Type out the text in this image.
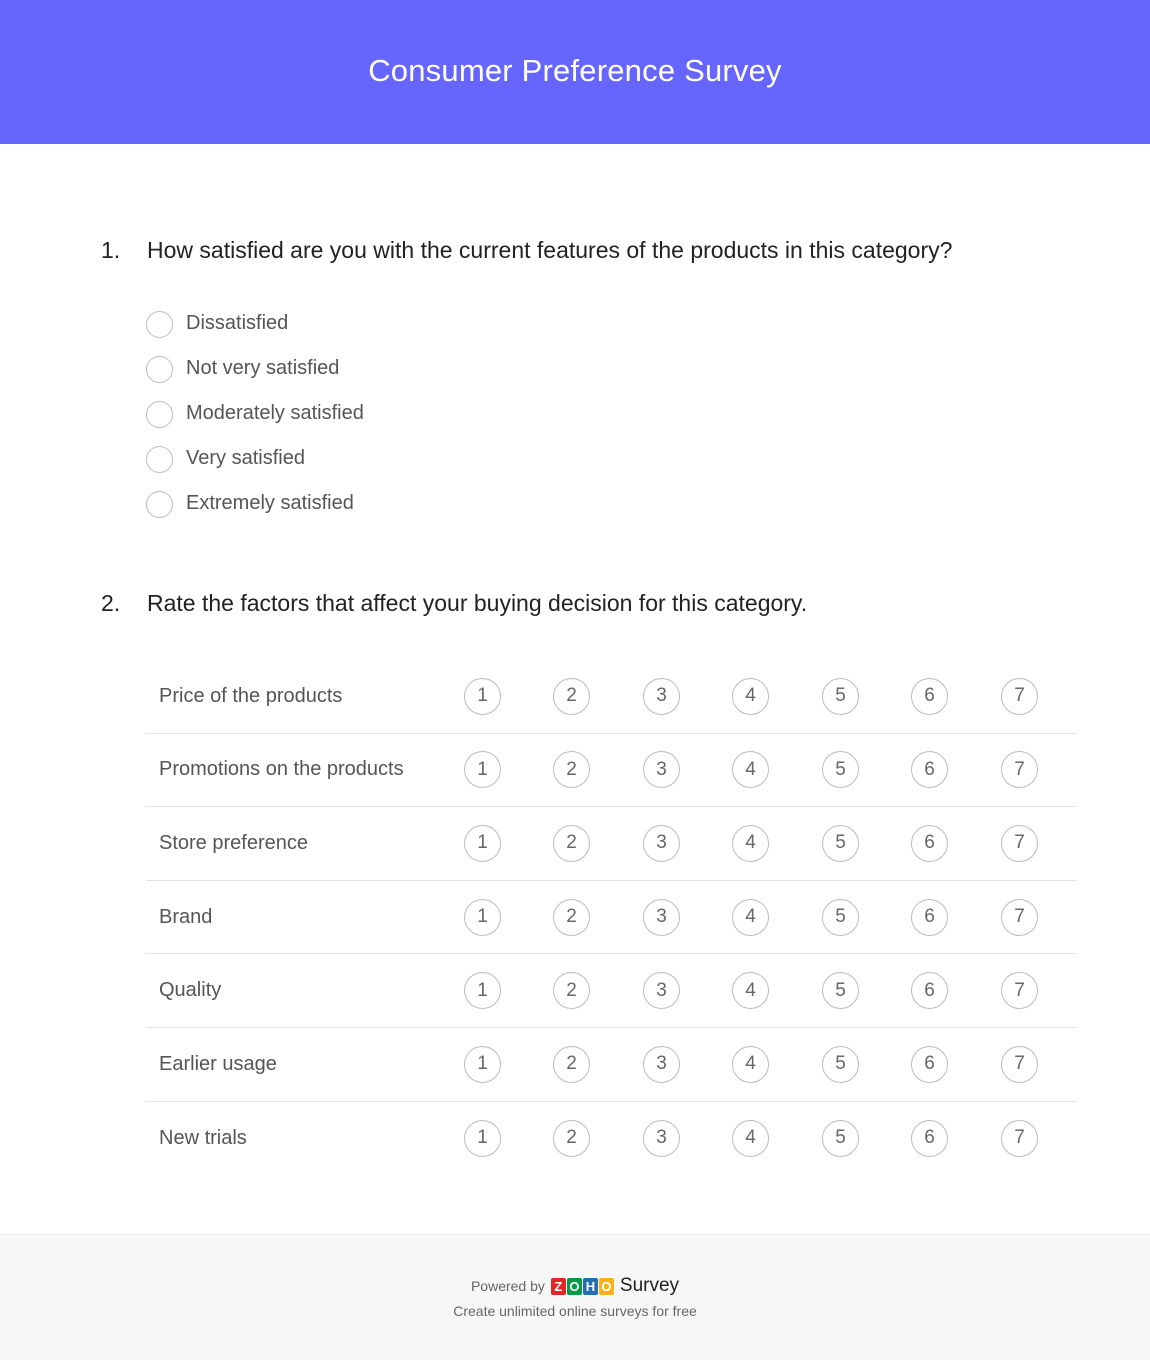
Consumer Preference Survey
1.	How satisfied are you with the current features of the products in this category?
Dissatisfied
Not very satisfied
Moderately satisfied
Very satisfied
Extremely satisfied
2.	Rate the factors that affect your buying decision for this category.
Price of the products	1	2	3	4	5	6	7
Promotions on the products	1	2	3	4	5	6	7
Store preference	1	2	3	4	5	6	7
Brand	1	2	3	4	5	6	7
Quality	1	2	3	4	5	6	7
Earlier usage	1	2	3	4	5	6	7
New trials	1	2	3	4	5	6	7
Powered by Z O H O Survey
Create unlimited online surveys for free
